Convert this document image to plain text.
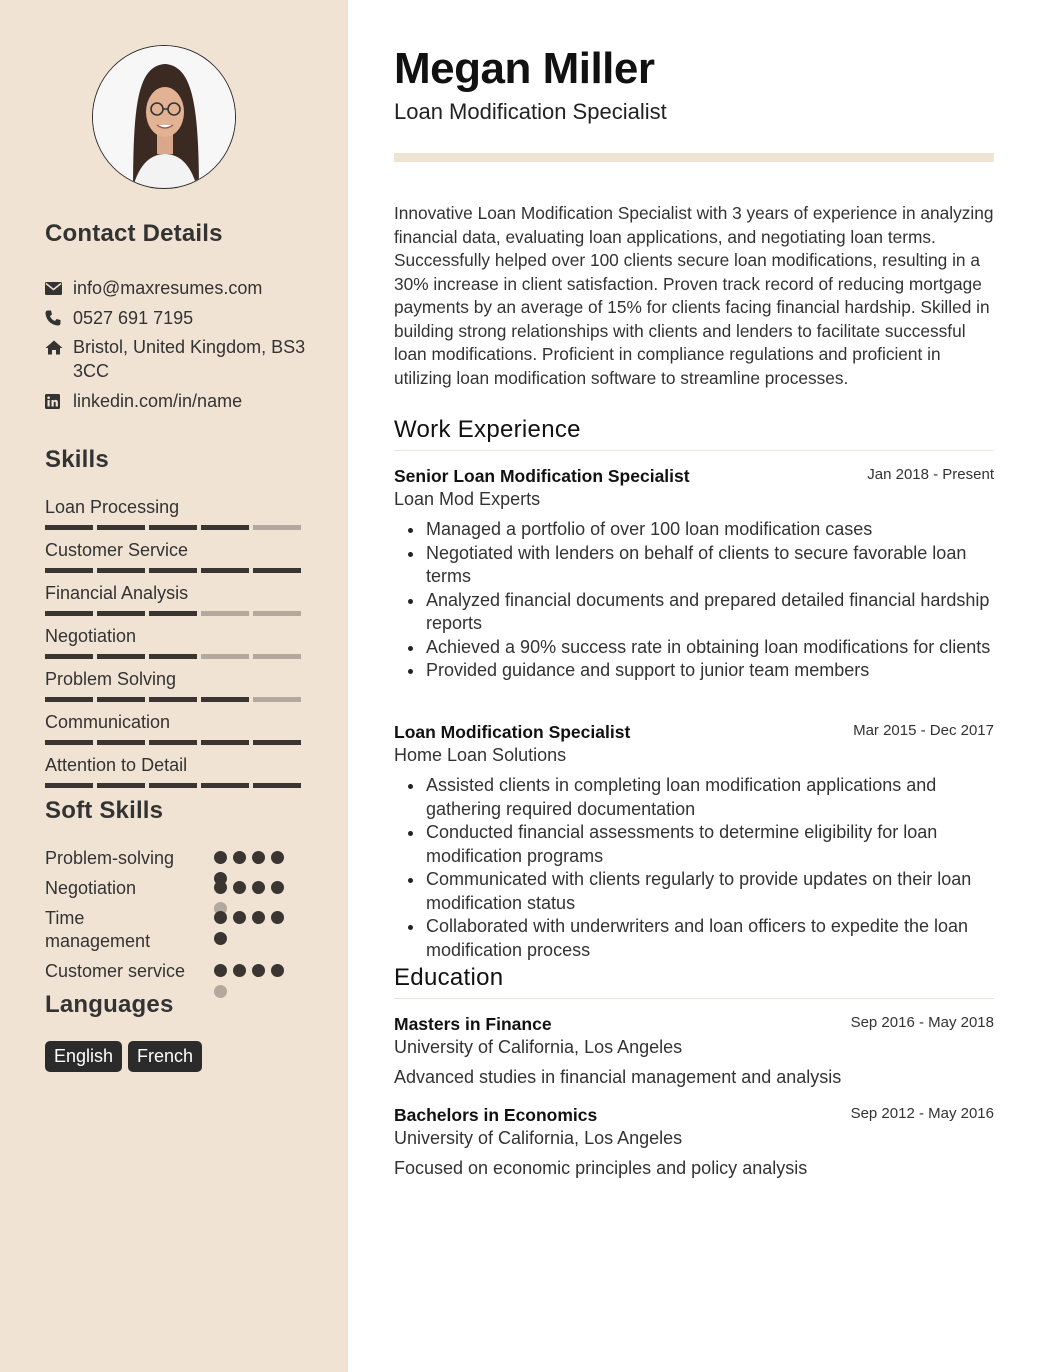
Contact Details
info@maxresumes.com
0527 691 7195
Bristol, United Kingdom, BS3 3CC
linkedin.com/in/name
Skills
Loan Processing
Customer Service
Financial Analysis
Negotiation
Problem Solving
Communication
Attention to Detail
Soft Skills
Problem-solving
Negotiation
Time management
Customer service
Languages
English	French
Megan Miller
Loan Modification Specialist

Innovative Loan Modification Specialist with 3 years of experience in analyzing financial data, evaluating loan applications, and negotiating loan terms. Successfully helped over 100 clients secure loan modifications, resulting in a 30% increase in client satisfaction. Proven track record of reducing mortgage payments by an average of 15% for clients facing financial hardship. Skilled in building strong relationships with clients and lenders to facilitate successful loan modifications. Proficient in compliance regulations and proficient in utilizing loan modification software to streamline processes.

Work Experience
Senior Loan Modification Specialist	Jan 2018 - Present
Loan Mod Experts
Managed a portfolio of over 100 loan modification cases
Negotiated with lenders on behalf of clients to secure favorable loan terms
Analyzed financial documents and prepared detailed financial hardship reports
Achieved a 90% success rate in obtaining loan modifications for clients
Provided guidance and support to junior team members
Loan Modification Specialist	Mar 2015 - Dec 2017
Home Loan Solutions
Assisted clients in completing loan modification applications and gathering required documentation
Conducted financial assessments to determine eligibility for loan modification programs
Communicated with clients regularly to provide updates on their loan modification status
Collaborated with underwriters and loan officers to expedite the loan modification process
Education
Masters in Finance	Sep 2016 - May 2018
University of California, Los Angeles
Advanced studies in financial management and analysis
Bachelors in Economics	Sep 2012 - May 2016
University of California, Los Angeles
Focused on economic principles and policy analysis
